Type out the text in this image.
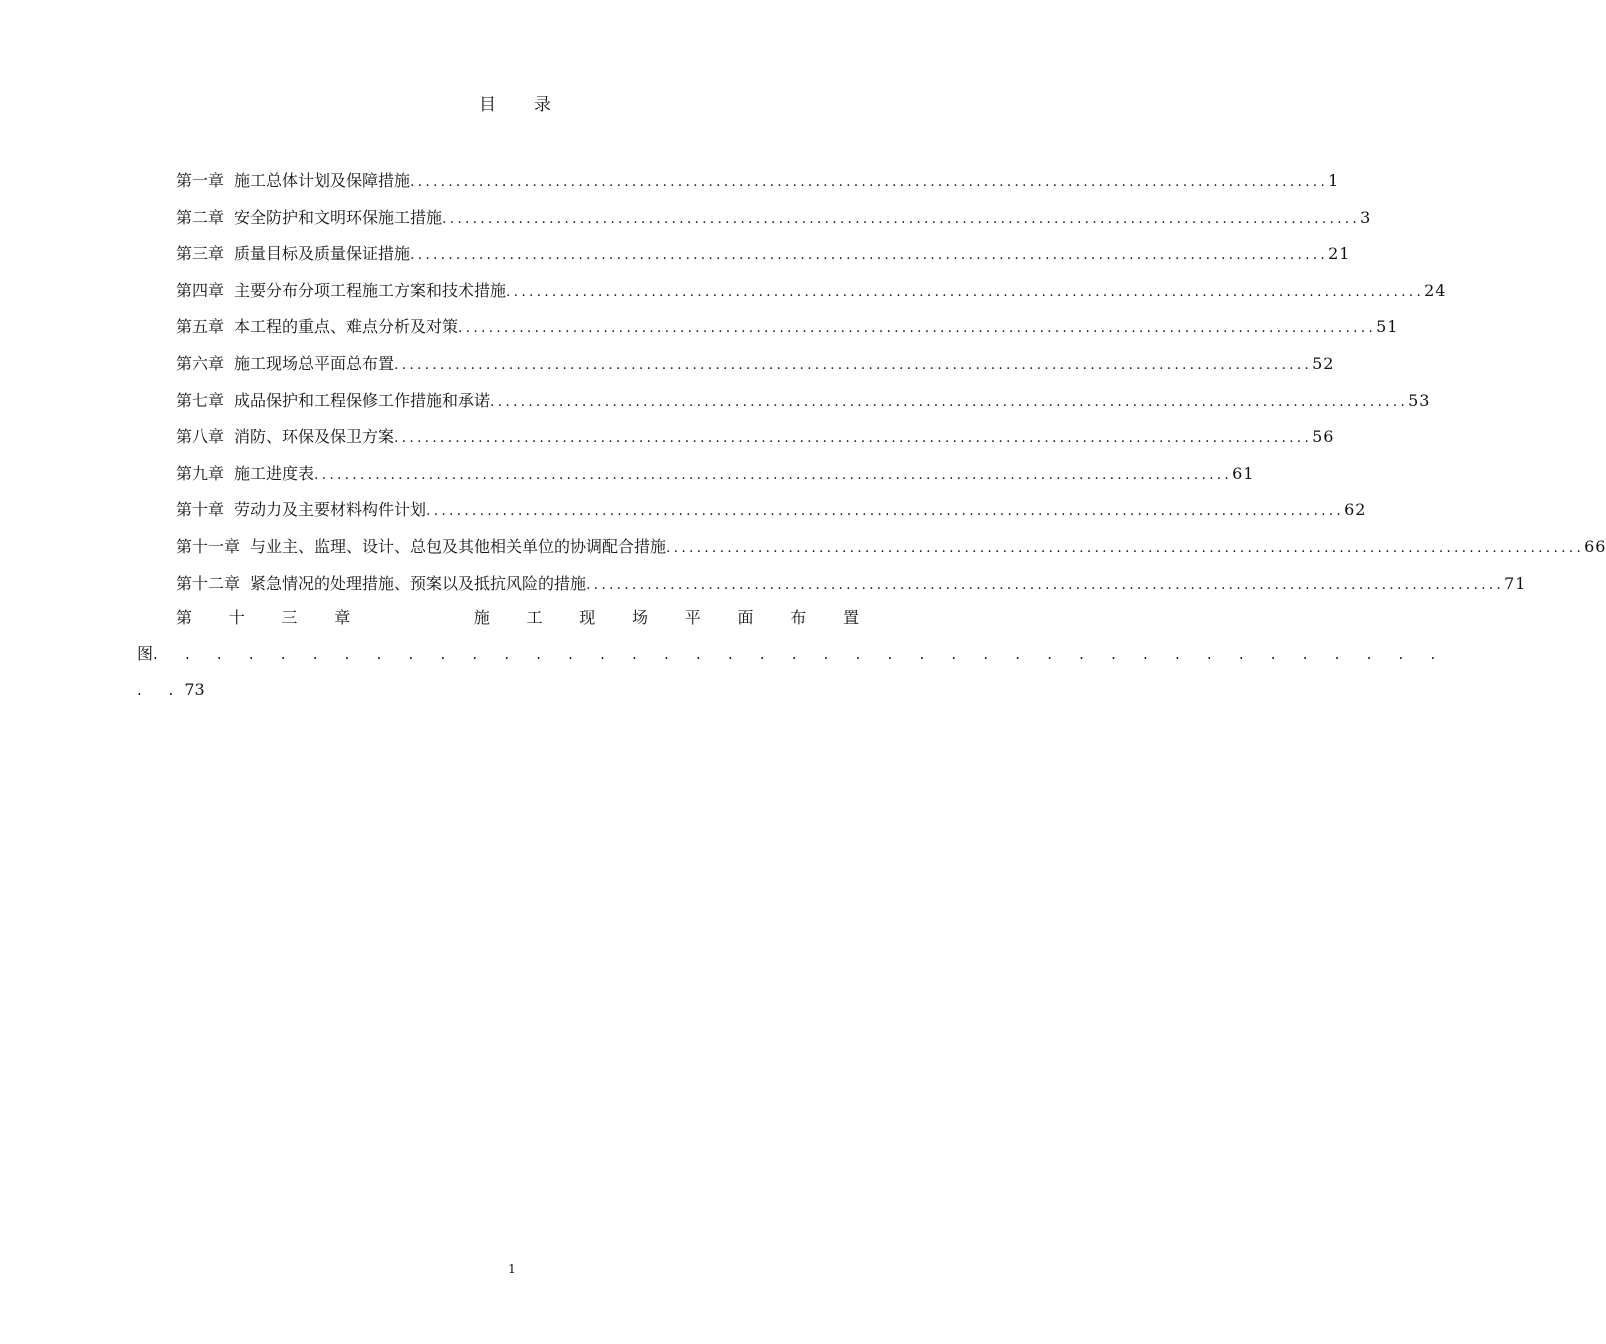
目 录
第一章 施工总体计划及保障措施 ........................................................................................................................ 1
第二章 安全防护和文明环保施工措施 ........................................................................................................................ 3
第三章 质量目标及质量保证措施 ........................................................................................................................ 21
第四章 主要分布分项工程施工方案和技术措施 ........................................................................................................................ 24
第五章 本工程的重点、难点分析及对策 ........................................................................................................................ 51
第六章 施工现场总平面总布置 ........................................................................................................................ 52
第七章 成品保护和工程保修工作措施和承诺 ........................................................................................................................ 53
第八章 消防、环保及保卫方案 ........................................................................................................................ 56
第九章 施工进度表 ........................................................................................................................ 61
第十章 劳动力及主要材料构件计划 ........................................................................................................................ 62
第十一章 与业主、监理、设计、总包及其他相关单位的协调配合措施 ........................................................................................................................ 66
第十二章 紧急情况的处理措施、预案以及抵抗风险的措施 ........................................................................................................................ 71
第 十 三 章	施 工 现 场 平 面 布 置
图. . . . . . . . . . . . . . . . . . . . . . . . . . . . . . . . . . . . . . . . .
. .73
1
